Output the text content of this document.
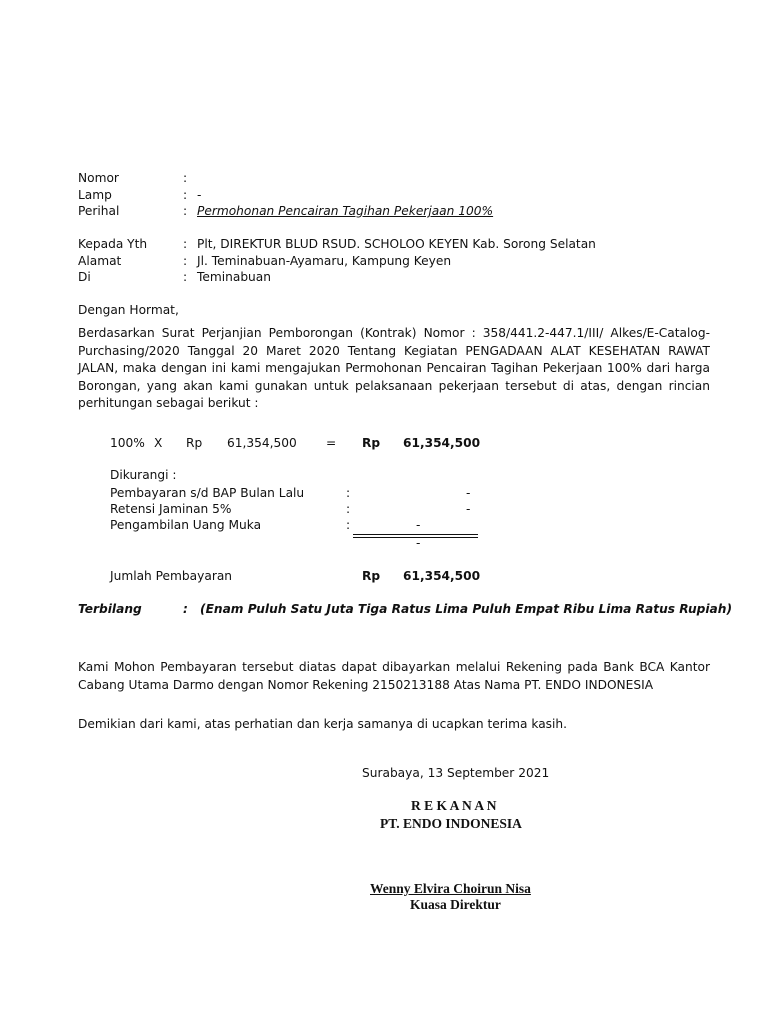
Nomor	:
Lamp	: -
Perihal	: Permohonan Pencairan Tagihan Pekerjaan 100%
Kepada Yth	: Plt, DIREKTUR BLUD RSUD. SCHOLOO KEYEN Kab. Sorong Selatan
Alamat	: Jl. Teminabuan-Ayamaru, Kampung Keyen
Di	: Teminabuan
Dengan Hormat,
Berdasarkan Surat Perjanjian Pemborongan (Kontrak) Nomor : 358/441.2-447.1/III/ Alkes/E-Catalog-Purchasing/2020 Tanggal 20 Maret 2020 Tentang Kegiatan PENGADAAN ALAT KESEHATAN RAWAT JALAN, maka dengan ini kami mengajukan Permohonan Pencairan Tagihan Pekerjaan 100% dari harga Borongan, yang akan kami gunakan untuk pelaksanaan pekerjaan tersebut di atas, dengan rincian perhitungan sebagai berikut :
100% X Rp 61,354,500 = Rp 61,354,500
Dikurangi :
Pembayaran s/d BAP Bulan Lalu	:	-
Retensi Jaminan 5%	:	-
Pengambilan Uang Muka	:	-
-
Jumlah Pembayaran	Rp 61,354,500
Terbilang	: (Enam Puluh Satu Juta Tiga Ratus Lima Puluh Empat Ribu Lima Ratus Rupiah)
Kami Mohon Pembayaran tersebut diatas dapat dibayarkan melalui Rekening pada Bank BCA Kantor Cabang Utama Darmo dengan Nomor Rekening 2150213188 Atas Nama PT. ENDO INDONESIA
Demikian dari kami, atas perhatian dan kerja samanya di ucapkan terima kasih.
Surabaya, 13 September 2021
R E K A N A N
PT. ENDO INDONESIA
Wenny Elvira Choirun Nisa
Kuasa Direktur
